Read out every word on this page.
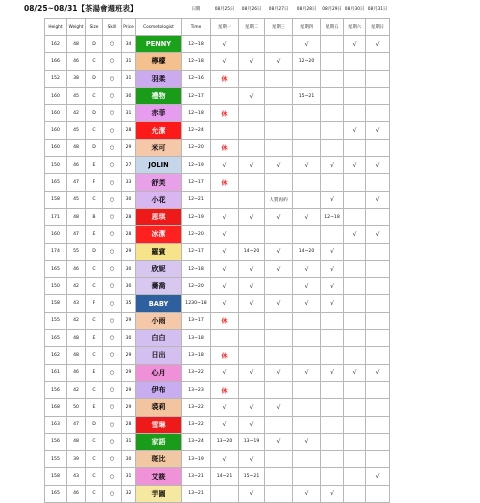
08/25~08/31【茶湯會週班表】
						日期	08月25日	08月26日	08月27日	08月28日	08月29日	08月30日	08月31日
Height	Weight	Size	Skill	Price	Cosmetologist	Time	星期一	星期二	星期三	星期四	星期五	星期六	星期日
162	48	D	○	34	PENNY	12~18	√			√		√	√
166	46	C	○	31	檸檬	12~18	√	√	√	12~20			
152	38	D	○	31	羽柔	12~16	休						
160	45	C	○	30	禮物	12~17		√		15~21			
160	42	D	○	31	赤菲	12~18	休						
160	45	C	○	28	允潔	12~24						√	√
160	48	D	○	29	米可	12~20	休						
150	46	E	○	27	JOLIN	12~19	√	√	√	√	√	√	√
165	47	F	○	33	舒芙	12~17	休						
158	45	C	○	30	小花	12~21			人質再約		√		√
171	48	B	○	28	恩琪	12~19	√	√	√	√	12~18		
160	47	E	○	28	冰潔	12~20	√					√	√
174	55	D	○	29	羅賓	12~17	√	14~20	√	14~20	√		
165	46	C	○	30	欣妮	12~18	√	√	√	√	√		
150	42	C	○	30	蕎喬	12~20	√	√		√	√		
158	43	F	○	35	BABY	1230~18	√	√	√	√	√		
155	42	C	○	29	小雨	13~17	休						
165	48	E	○	30	白白	13~18							
162	48	C	○	29	日出	13~18	休						
161	46	E	○	29	心月	13~22	√	√	√	√	√	√	√
156	42	C	○	29	伊布	13~23	休						
168	50	E	○	29	裘莉	13~22	√	√	√				
163	47	D	○	28	雪琳	13~22	√	√					
156	48	C	○	31	家語	13~24	13~20	13~19	√	√			
155	39	C	○	30	斑比	13~19	√	√					
158	43	C	○	31	艾筱	13~21	14~21	15~21					√
165	46	C	○	32	芋圓	13~21		√		√	√		
